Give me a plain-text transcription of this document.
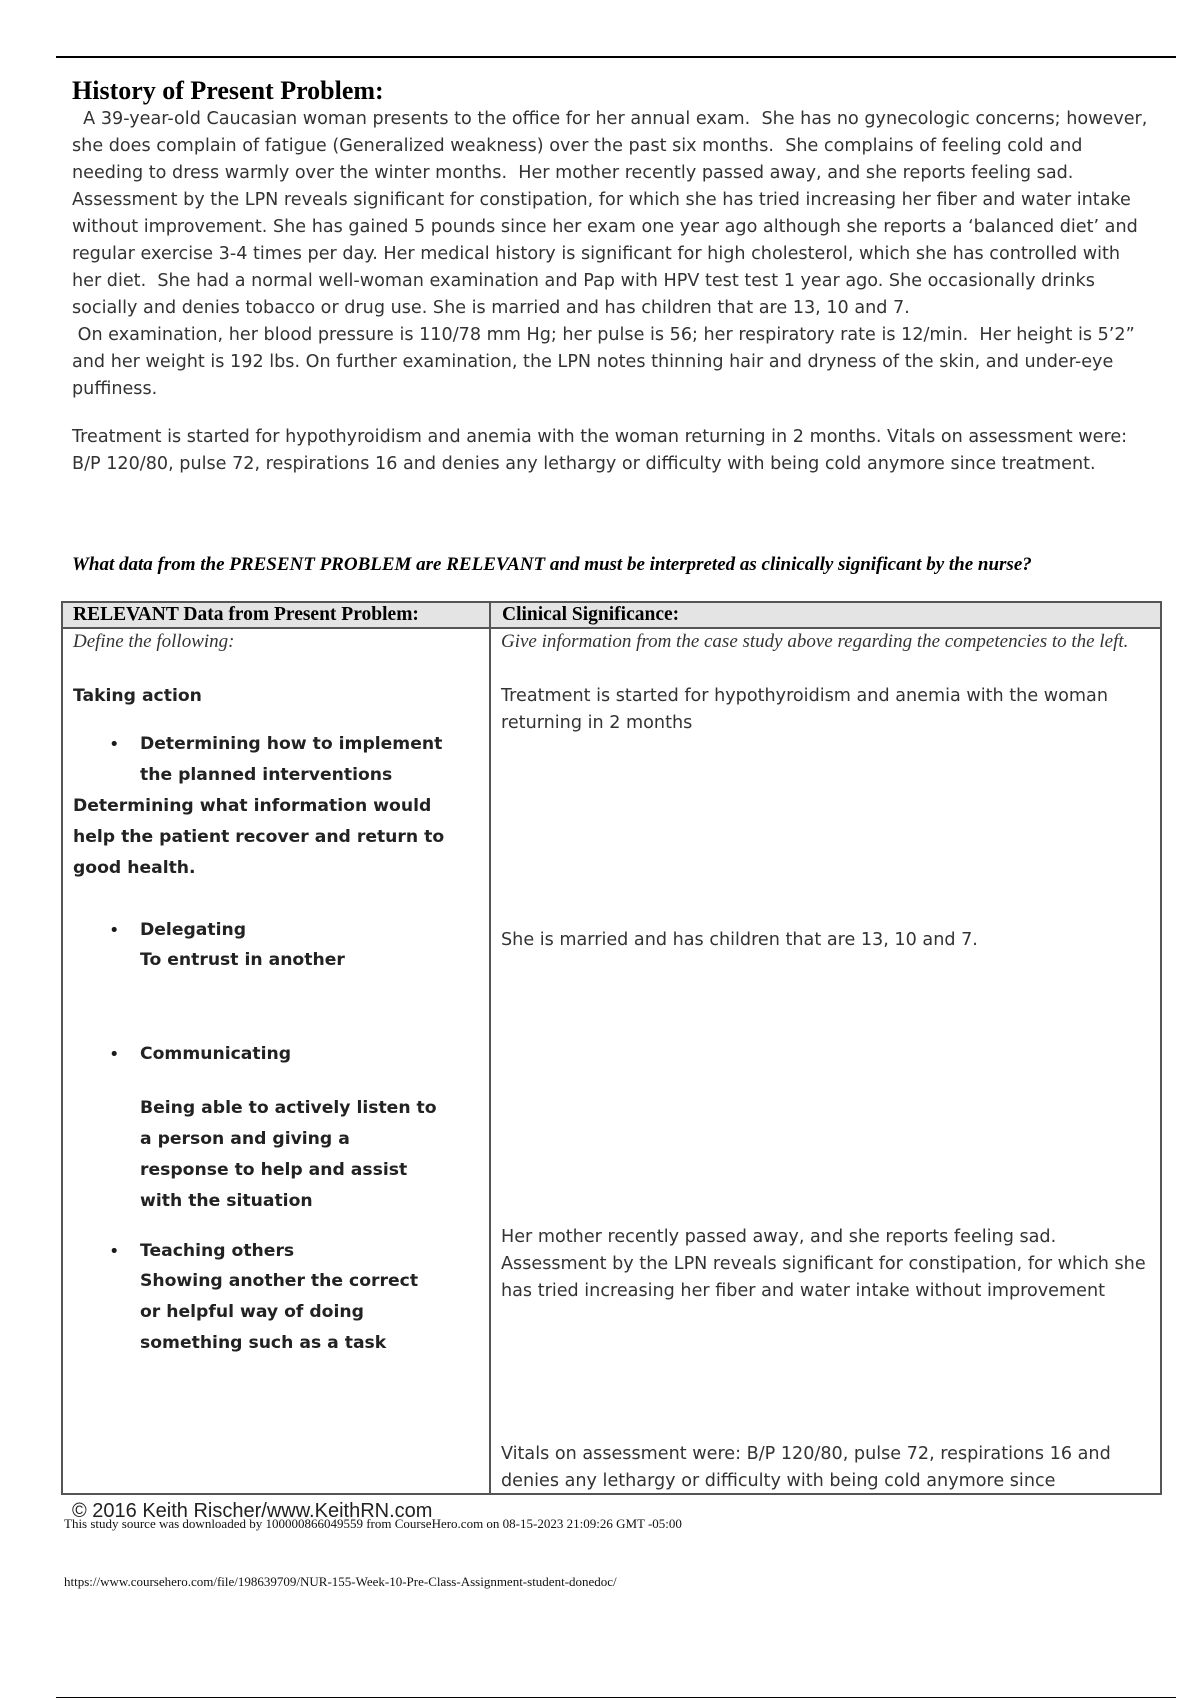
History of Present Problem:

A 39-year-old Caucasian woman presents to the office for her annual exam.  She has no gynecologic concerns; however, she does complain of fatigue (Generalized weakness) over the past six months.  She complains of feeling cold and needing to dress warmly over the winter months.  Her mother recently passed away, and she reports feeling sad. Assessment by the LPN reveals significant for constipation, for which she has tried increasing her fiber and water intake without improvement. She has gained 5 pounds since her exam one year ago although she reports a ‘balanced diet’ and regular exercise 3-4 times per day. Her medical history is significant for high cholesterol, which she has controlled with her diet.  She had a normal well-woman examination and Pap with HPV test test 1 year ago. She occasionally drinks socially and denies tobacco or drug use. She is married and has children that are 13, 10 and 7.
On examination, her blood pressure is 110/78 mm Hg; her pulse is 56; her respiratory rate is 12/min.  Her height is 5’2” and her weight is 192 lbs. On further examination, the LPN notes thinning hair and dryness of the skin, and under-eye puffiness.

Treatment is started for hypothyroidism and anemia with the woman returning in 2 months. Vitals on assessment were: B/P 120/80, pulse 72, respirations 16 and denies any lethargy or difficulty with being cold anymore since treatment.

What data from the PRESENT PROBLEM are RELEVANT and must be interpreted as clinically significant by the nurse?

RELEVANT Data from Present Problem:	Clinical Significance:
Define the following:
Taking action
• Determining how to implement the planned interventions
Determining what information would help the patient recover and return to good health.
• Delegating
To entrust in another
• Communicating
Being able to actively listen to a person and giving a response to help and assist with the situation
• Teaching others
Showing another the correct or helpful way of doing something such as a task
Give information from the case study above regarding the competencies to the left.
Treatment is started for hypothyroidism and anemia with the woman returning in 2 months
She is married and has children that are 13, 10 and 7.
Her mother recently passed away, and she reports feeling sad. Assessment by the LPN reveals significant for constipation, for which she has tried increasing her fiber and water intake without improvement
Vitals on assessment were: B/P 120/80, pulse 72, respirations 16 and denies any lethargy or difficulty with being cold anymore since
© 2016 Keith Rischer/www.KeithRN.com
This study source was downloaded by 100000866049559 from CourseHero.com on 08-15-2023 21:09:26 GMT -05:00
https://www.coursehero.com/file/198639709/NUR-155-Week-10-Pre-Class-Assignment-student-donedoc/
